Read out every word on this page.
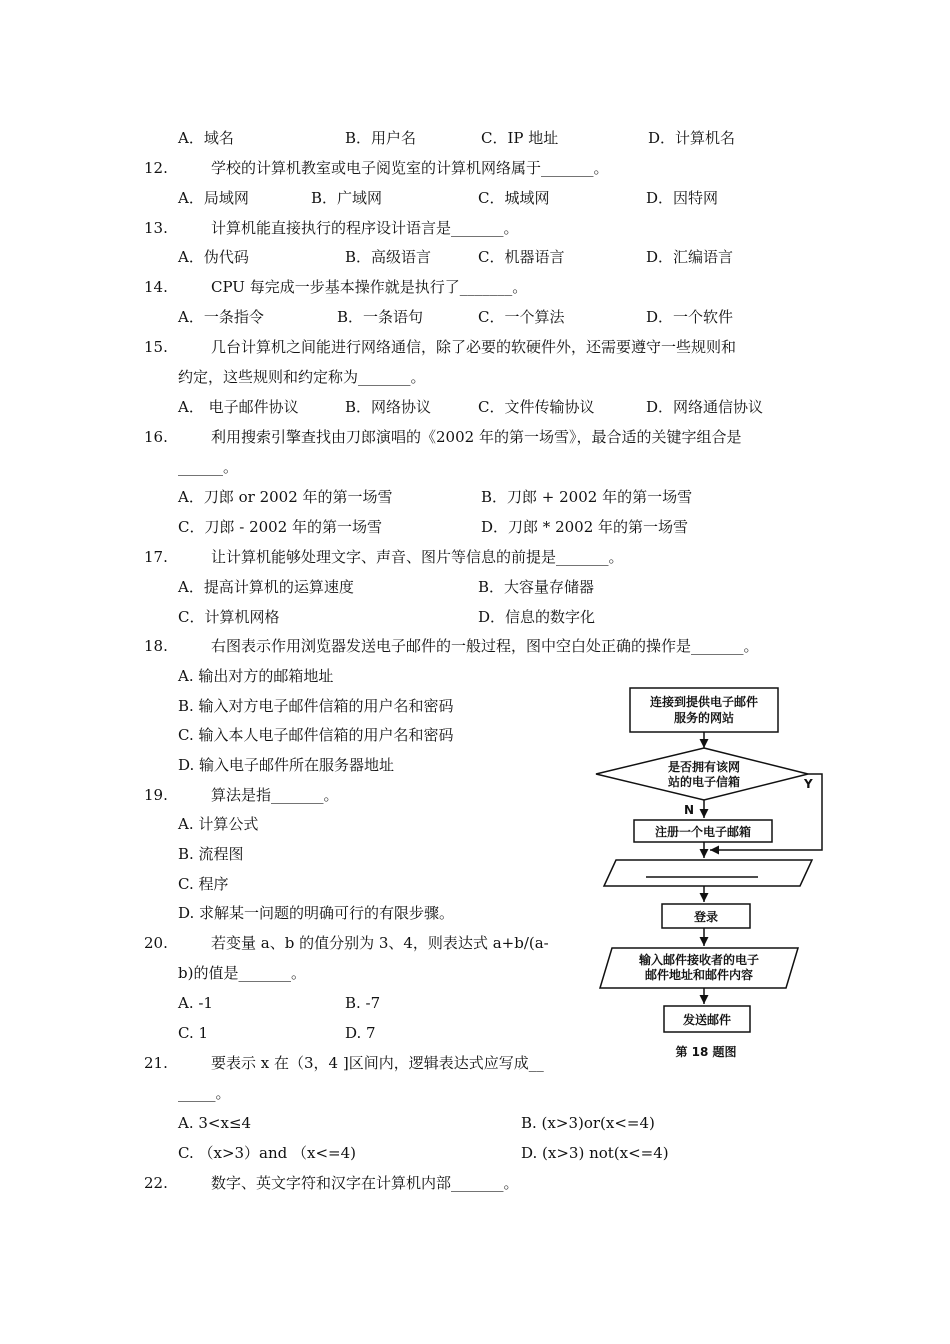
A．域名	B．用户名	C．IP 地址	D．计算机名
12.	学校的计算机教室或电子阅览室的计算机网络属于_______。
A．局域网	B．广域网	C．城域网	D．因特网
13.	计算机能直接执行的程序设计语言是_______。
A．伪代码	B．高级语言	C．机器语言	D．汇编语言
14.	CPU 每完成一步基本操作就是执行了_______。
A．一条指令	B．一条语句	C．一个算法	D．一个软件
15.	几台计算机之间能进行网络通信，除了必要的软硬件外，还需要遵守一些规则和
约定，这些规则和约定称为_______。
A． 电子邮件协议	B．网络协议	C．文件传输协议	D．网络通信协议
16.	利用搜索引擎查找由刀郎演唱的《2002 年的第一场雪》，最合适的关键字组合是
______。
A．刀郎 or 2002 年的第一场雪	B．刀郎 + 2002 年的第一场雪
C．刀郎 - 2002 年的第一场雪	D．刀郎 * 2002 年的第一场雪
17.	让计算机能够处理文字、声音、图片等信息的前提是_______。
A．提高计算机的运算速度	B．大容量存储器
C．计算机网格	D．信息的数字化
18.	右图表示作用浏览器发送电子邮件的一般过程，图中空白处正确的操作是_______。
A. 输出对方的邮箱地址
B. 输入对方电子邮件信箱的用户名和密码
C. 输入本人电子邮件信箱的用户名和密码
D. 输入电子邮件所在服务器地址
19.	算法是指_______。
A. 计算公式
B. 流程图
C. 程序
D. 求解某一问题的明确可行的有限步骤。
20.	若变量 a、b 的值分别为 3、4，则表达式 a+b/(a-
b)的值是_______。
A. -1	B. -7
C. 1	D. 7
21.	要表示 x 在（3，4 ]区间内，逻辑表达式应写成__
_____。
A. 3<x≤4	B. (x>3)or(x<=4)
C. （x>3）and （x<=4)	D. (x>3) not(x<=4)
22.	数字、英文字符和汉字在计算机内部_______。
连接到提供电子邮件
服务的网站
是否拥有该网
站的电子信箱	Y
N
注册一个电子邮箱
登录
输入邮件接收者的电子
邮件地址和邮件内容
发送邮件
第 18 题图
